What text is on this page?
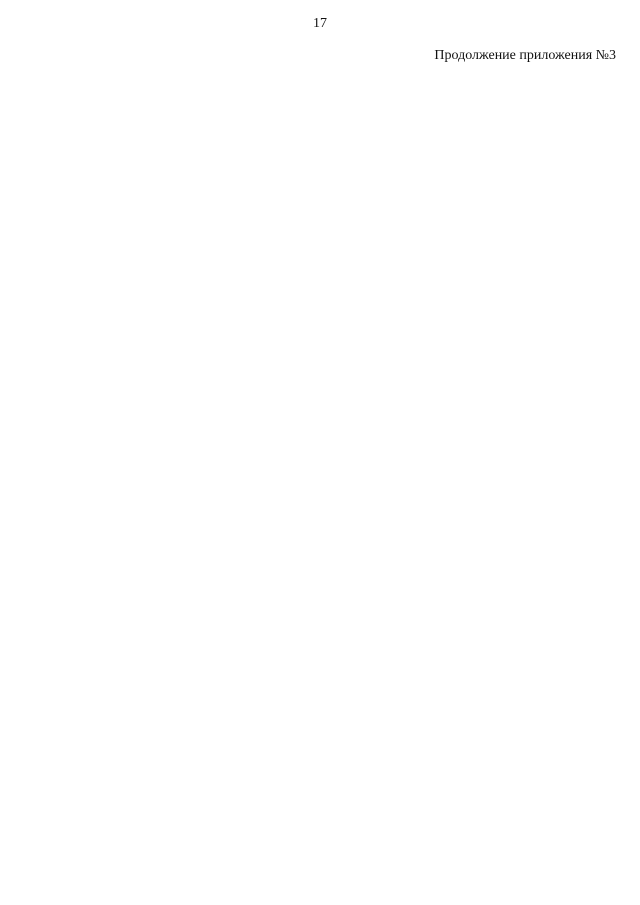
17
Продолжение приложения №3
